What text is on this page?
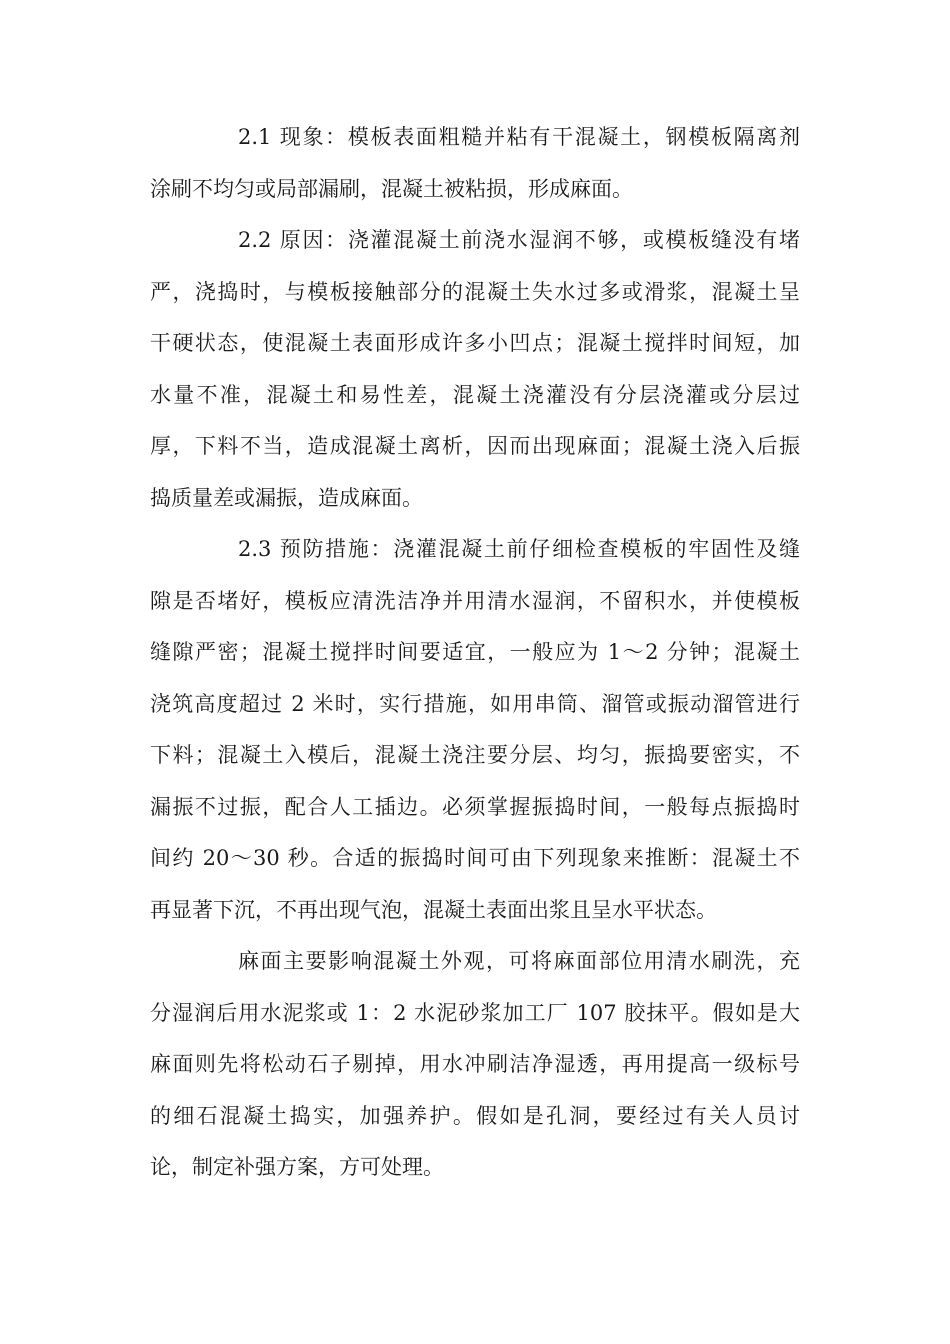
2.1 现象：模板表面粗糙并粘有干混凝土，钢模板隔离剂
涂刷不均匀或局部漏刷，混凝土被粘损，形成麻面。

2.2 原因：浇灌混凝土前浇水湿润不够，或模板缝没有堵
严，浇捣时，与模板接触部分的混凝土失水过多或滑浆，混凝土呈
干硬状态，使混凝土表面形成许多小凹点；混凝土搅拌时间短，加
水量不准，混凝土和易性差，混凝土浇灌没有分层浇灌或分层过
厚，下料不当，造成混凝土离析，因而出现麻面；混凝土浇入后振
捣质量差或漏振，造成麻面。

2.3 预防措施：浇灌混凝土前仔细检查模板的牢固性及缝
隙是否堵好，模板应清洗洁净并用清水湿润，不留积水，并使模板
缝隙严密；混凝土搅拌时间要适宜，一般应为 1～2 分钟；混凝土
浇筑高度超过 2 米时，实行措施，如用串筒、溜管或振动溜管进行
下料；混凝土入模后，混凝土浇注要分层、均匀，振捣要密实，不
漏振不过振，配合人工插边。必须掌握振捣时间，一般每点振捣时
间约 20～30 秒。合适的振捣时间可由下列现象来推断：混凝土不
再显著下沉，不再出现气泡，混凝土表面出浆且呈水平状态。

麻面主要影响混凝土外观，可将麻面部位用清水刷洗，充
分湿润后用水泥浆或 1：2 水泥砂浆加工厂 107 胶抹平。假如是大
麻面则先将松动石子剔掉，用水冲刷洁净湿透，再用提高一级标号
的细石混凝土捣实，加强养护。假如是孔洞，要经过有关人员讨
论，制定补强方案，方可处理。
